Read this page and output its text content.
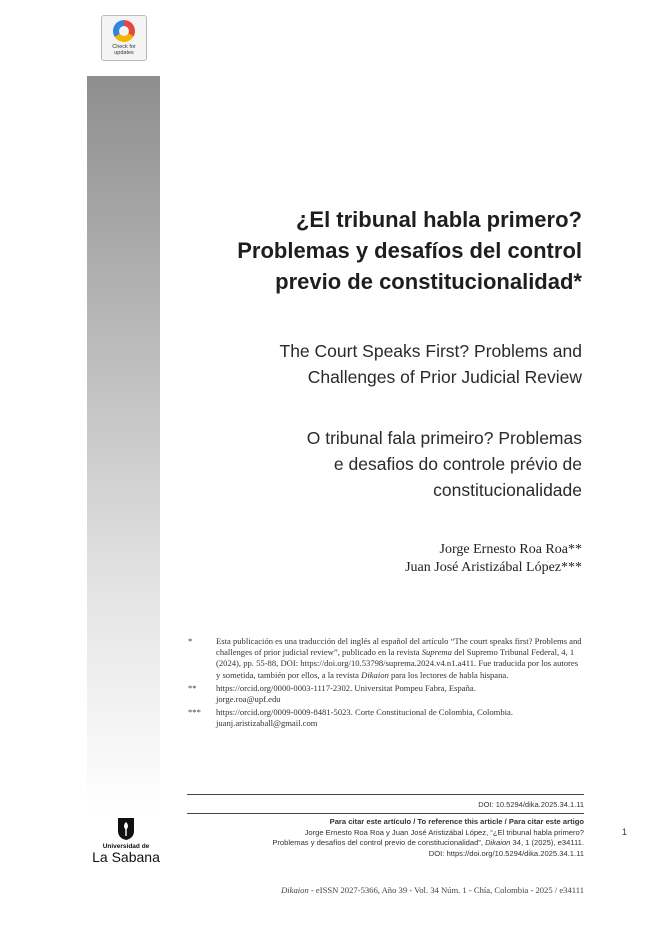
Check for
updates
¿El tribunal habla primero?
Problemas y desafíos del control
previo de constitucionalidad*
The Court Speaks First? Problems and
Challenges of Prior Judicial Review
O tribunal fala primeiro? Problemas
e desafios do controle prévio de
constitucionalidade
Jorge Ernesto Roa Roa**
Juan José Aristizábal López***
*	Esta publicación es una traducción del inglés al español del artículo “The court speaks first? Problems and challenges of prior judicial review”, publicado en la revista Suprema del Supremo Tribunal Federal, 4, 1 (2024), pp. 55-88, DOI: https://doi.org/10.53798/suprema.2024.v4.n1.a411. Fue traducida por los autores y sometida, también por ellos, a la revista Dikaion para los lectores de habla hispana.
** https://orcid.org/0000-0003-1117-2302. Universitat Pompeu Fabra, España.
jorge.roa@upf.edu
*** https://orcid.org/0009-0009-8481-5023. Corte Constitucional de Colombia, Colombia.
juanj.aristizaball@gmail.com
DOI: 10.5294/dika.2025.34.1.11
Para citar este artículo / To reference this article / Para citar este artigo
Jorge Ernesto Roa Roa y Juan José Aristizábal López, “¿El tribunal habla primero?
Problemas y desafíos del control previo de constitucionalidad”, Dikaion 34, 1 (2025), e34111.
DOI: https://doi.org/10.5294/dika.2025.34.1.11
1
Universidad de
La Sabana
Dikaion - eISSN 2027-5366, Año 39 - Vol. 34 Núm. 1 - Chía, Colombia - 2025 / e34111
